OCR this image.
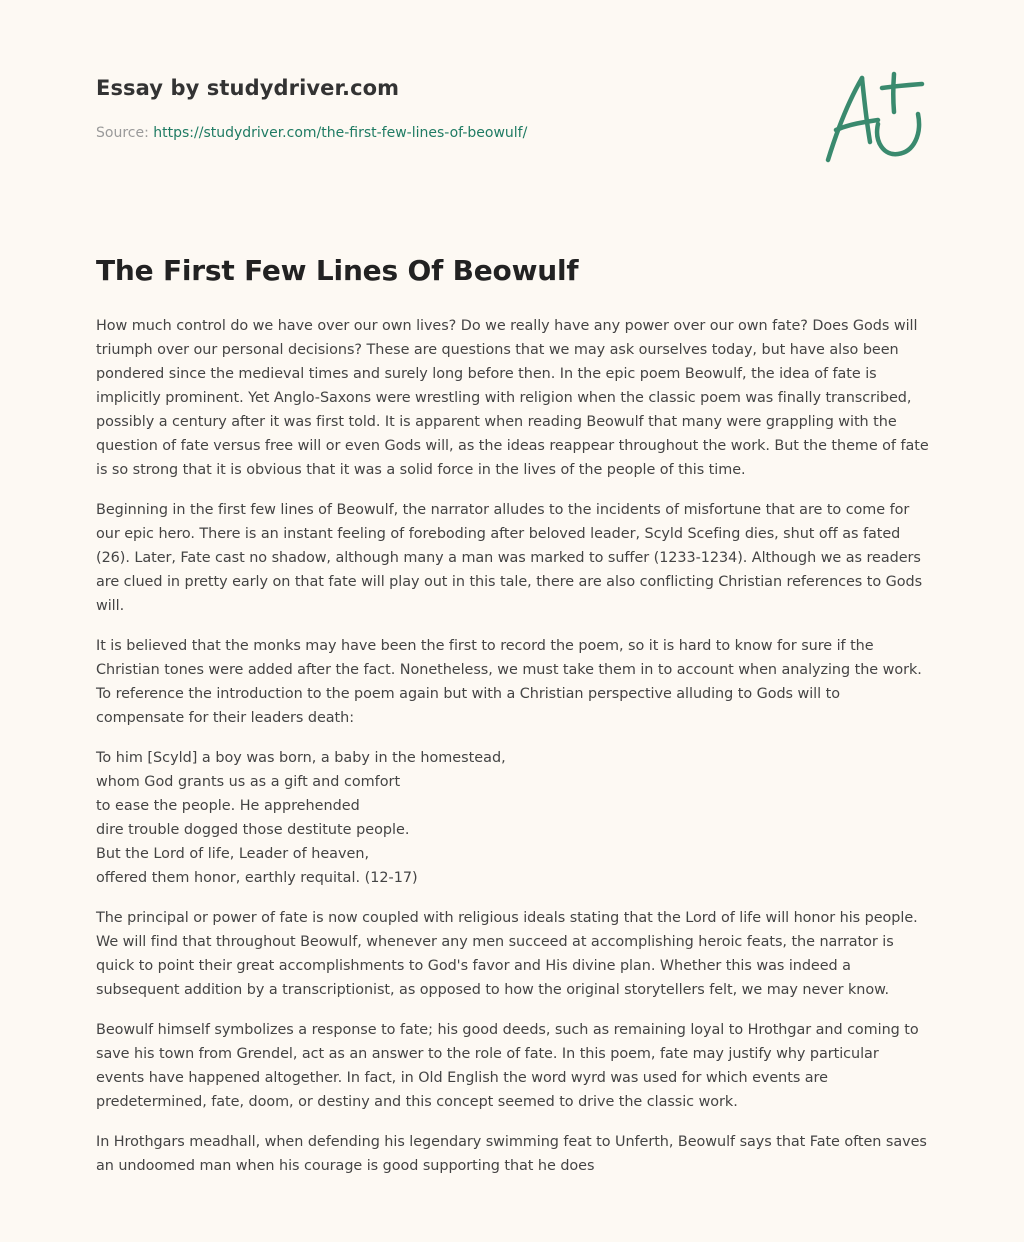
Essay by studydriver.com

Source: https://studydriver.com/the-first-few-lines-of-beowulf/

The First Few Lines Of Beowulf

How much control do we have over our own lives? Do we really have any power over our own fate? Does Gods will triumph over our personal decisions? These are questions that we may ask ourselves today, but have also been pondered since the medieval times and surely long before then. In the epic poem Beowulf, the idea of fate is implicitly prominent. Yet Anglo-Saxons were wrestling with religion when the classic poem was finally transcribed, possibly a century after it was first told. It is apparent when reading Beowulf that many were grappling with the question of fate versus free will or even Gods will, as the ideas reappear throughout the work. But the theme of fate is so strong that it is obvious that it was a solid force in the lives of the people of this time.

Beginning in the first few lines of Beowulf, the narrator alludes to the incidents of misfortune that are to come for our epic hero. There is an instant feeling of foreboding after beloved leader, Scyld Scefing dies, shut off as fated (26). Later, Fate cast no shadow, although many a man was marked to suffer (1233-1234). Although we as readers are clued in pretty early on that fate will play out in this tale, there are also conflicting Christian references to Gods will.

It is believed that the monks may have been the first to record the poem, so it is hard to know for sure if the Christian tones were added after the fact. Nonetheless, we must take them in to account when analyzing the work.

To reference the introduction to the poem again but with a Christian perspective alluding to Gods will to compensate for their leaders death:

To him [Scyld] a boy was born, a baby in the homestead,
whom God grants us as a gift and comfort
to ease the people. He apprehended
dire trouble dogged those destitute people.
But the Lord of life, Leader of heaven,
offered them honor, earthly requital. (12-17)

The principal or power of fate is now coupled with religious ideals stating that the Lord of life will honor his people. We will find that throughout Beowulf, whenever any men succeed at accomplishing heroic feats, the narrator is quick to point their great accomplishments to God's favor and His divine plan. Whether this was indeed a subsequent addition by a transcriptionist, as opposed to how the original storytellers felt, we may never know.

Beowulf himself symbolizes a response to fate; his good deeds, such as remaining loyal to Hrothgar and coming to save his town from Grendel, act as an answer to the role of fate. In this poem, fate may justify why particular events have happened altogether. In fact, in Old English the word wyrd was used for which events are predetermined, fate, doom, or destiny and this concept seemed to drive the classic work.

In Hrothgars meadhall, when defending his legendary swimming feat to Unferth, Beowulf says that Fate often saves an undoomed man when his courage is good supporting that he does
